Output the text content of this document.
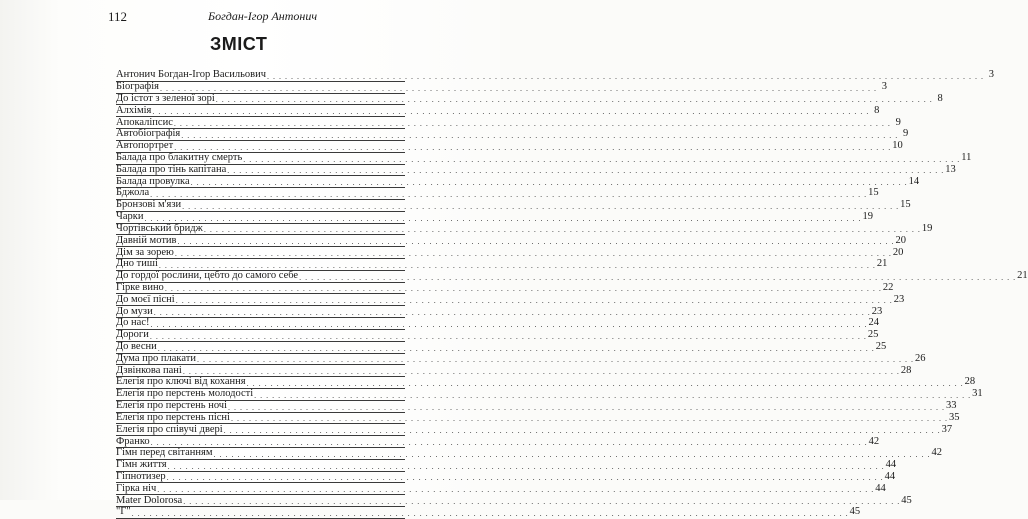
112	Богдан-Ігор Антонич
ЗМІСТ
Антонич Богдан-Ігор Васильович . . . . . . . . . . . . . . . . . . . . . . . . . . . . . . . . . . . . . . . . . . . . . . . . . . . . . . . . . . . . . . . . . . . . . . . . . . . . . . . . . . . . . . . . . . . . . . . . . . . . . . . . . . . . . . . . . . . . . . . . 3
Біографія . . . . . . . . . . . . . . . . . . . . . . . . . . . . . . . . . . . . . . . . . . . . . . . . . . . . . . . . . . . . . . . . . . . . . . . . . . . . . . . . . . . . . . . . . . . . . . . . . . . . . . . . . . . . . . . . . . . . . . . . 3
До істот з зеленої зорі . . . . . . . . . . . . . . . . . . . . . . . . . . . . . . . . . . . . . . . . . . . . . . . . . . . . . . . . . . . . . . . . . . . . . . . . . . . . . . . . . . . . . . . . . . . . . . . . . . . . . . . . . . . . . . . . . . . . . . . . 8
Алхімія . . . . . . . . . . . . . . . . . . . . . . . . . . . . . . . . . . . . . . . . . . . . . . . . . . . . . . . . . . . . . . . . . . . . . . . . . . . . . . . . . . . . . . . . . . . . . . . . . . . . . . . . . . . . . . . . . . . . . . . . 8
Апокаліпсис . . . . . . . . . . . . . . . . . . . . . . . . . . . . . . . . . . . . . . . . . . . . . . . . . . . . . . . . . . . . . . . . . . . . . . . . . . . . . . . . . . . . . . . . . . . . . . . . . . . . . . . . . . . . . . . . . . . . . . . . 9
Автобіографія . . . . . . . . . . . . . . . . . . . . . . . . . . . . . . . . . . . . . . . . . . . . . . . . . . . . . . . . . . . . . . . . . . . . . . . . . . . . . . . . . . . . . . . . . . . . . . . . . . . . . . . . . . . . . . . . . . . . . . . . 9
Автопортрет . . . . . . . . . . . . . . . . . . . . . . . . . . . . . . . . . . . . . . . . . . . . . . . . . . . . . . . . . . . . . . . . . . . . . . . . . . . . . . . . . . . . . . . . . . . . . . . . . . . . . . . . . . . . . . . . . . . . . . . . 10
Балада про блакитну смерть . . . . . . . . . . . . . . . . . . . . . . . . . . . . . . . . . . . . . . . . . . . . . . . . . . . . . . . . . . . . . . . . . . . . . . . . . . . . . . . . . . . . . . . . . . . . . . . . . . . . . . . . . . . . . . . . . . . . . . . . 11
Балада про тінь капітана . . . . . . . . . . . . . . . . . . . . . . . . . . . . . . . . . . . . . . . . . . . . . . . . . . . . . . . . . . . . . . . . . . . . . . . . . . . . . . . . . . . . . . . . . . . . . . . . . . . . . . . . . . . . . . . . . . . . . . . . 13
Балада провулка . . . . . . . . . . . . . . . . . . . . . . . . . . . . . . . . . . . . . . . . . . . . . . . . . . . . . . . . . . . . . . . . . . . . . . . . . . . . . . . . . . . . . . . . . . . . . . . . . . . . . . . . . . . . . . . . . . . . . . . . 14
Бджола . . . . . . . . . . . . . . . . . . . . . . . . . . . . . . . . . . . . . . . . . . . . . . . . . . . . . . . . . . . . . . . . . . . . . . . . . . . . . . . . . . . . . . . . . . . . . . . . . . . . . . . . . . . . . . . . . . . . . . . . 15
Бронзові м'язи . . . . . . . . . . . . . . . . . . . . . . . . . . . . . . . . . . . . . . . . . . . . . . . . . . . . . . . . . . . . . . . . . . . . . . . . . . . . . . . . . . . . . . . . . . . . . . . . . . . . . . . . . . . . . . . . . . . . . . . . 15
Чарки . . . . . . . . . . . . . . . . . . . . . . . . . . . . . . . . . . . . . . . . . . . . . . . . . . . . . . . . . . . . . . . . . . . . . . . . . . . . . . . . . . . . . . . . . . . . . . . . . . . . . . . . . . . . . . . . . . . . . . . . 19
Чортівський бридж . . . . . . . . . . . . . . . . . . . . . . . . . . . . . . . . . . . . . . . . . . . . . . . . . . . . . . . . . . . . . . . . . . . . . . . . . . . . . . . . . . . . . . . . . . . . . . . . . . . . . . . . . . . . . . . . . . . . . . . . 19
Давній мотив . . . . . . . . . . . . . . . . . . . . . . . . . . . . . . . . . . . . . . . . . . . . . . . . . . . . . . . . . . . . . . . . . . . . . . . . . . . . . . . . . . . . . . . . . . . . . . . . . . . . . . . . . . . . . . . . . . . . . . . . 20
Дім за зорею . . . . . . . . . . . . . . . . . . . . . . . . . . . . . . . . . . . . . . . . . . . . . . . . . . . . . . . . . . . . . . . . . . . . . . . . . . . . . . . . . . . . . . . . . . . . . . . . . . . . . . . . . . . . . . . . . . . . . . . . 20
Дно тиші . . . . . . . . . . . . . . . . . . . . . . . . . . . . . . . . . . . . . . . . . . . . . . . . . . . . . . . . . . . . . . . . . . . . . . . . . . . . . . . . . . . . . . . . . . . . . . . . . . . . . . . . . . . . . . . . . . . . . . . . 21
До гордої рослини, цебто до самого себе . . . . . . . . . . . . . . . . . . . . . . . . . . . . . . . . . . . . . . . . . . . . . . . . . . . . . . . . . . . . . . . . . . . . . . . . . . . . . . . . . . . . . . . . . . . . . . . . . . . . . . . . . . . . . . . . . . . . . . . . 21
Гірке вино . . . . . . . . . . . . . . . . . . . . . . . . . . . . . . . . . . . . . . . . . . . . . . . . . . . . . . . . . . . . . . . . . . . . . . . . . . . . . . . . . . . . . . . . . . . . . . . . . . . . . . . . . . . . . . . . . . . . . . . . 22
До моєї пісні . . . . . . . . . . . . . . . . . . . . . . . . . . . . . . . . . . . . . . . . . . . . . . . . . . . . . . . . . . . . . . . . . . . . . . . . . . . . . . . . . . . . . . . . . . . . . . . . . . . . . . . . . . . . . . . . . . . . . . . . 23
До музи . . . . . . . . . . . . . . . . . . . . . . . . . . . . . . . . . . . . . . . . . . . . . . . . . . . . . . . . . . . . . . . . . . . . . . . . . . . . . . . . . . . . . . . . . . . . . . . . . . . . . . . . . . . . . . . . . . . . . . . . 23
До нас! . . . . . . . . . . . . . . . . . . . . . . . . . . . . . . . . . . . . . . . . . . . . . . . . . . . . . . . . . . . . . . . . . . . . . . . . . . . . . . . . . . . . . . . . . . . . . . . . . . . . . . . . . . . . . . . . . . . . . . . . 24
Дороги . . . . . . . . . . . . . . . . . . . . . . . . . . . . . . . . . . . . . . . . . . . . . . . . . . . . . . . . . . . . . . . . . . . . . . . . . . . . . . . . . . . . . . . . . . . . . . . . . . . . . . . . . . . . . . . . . . . . . . . . 25
До весни . . . . . . . . . . . . . . . . . . . . . . . . . . . . . . . . . . . . . . . . . . . . . . . . . . . . . . . . . . . . . . . . . . . . . . . . . . . . . . . . . . . . . . . . . . . . . . . . . . . . . . . . . . . . . . . . . . . . . . . . 25
Дума про плакати . . . . . . . . . . . . . . . . . . . . . . . . . . . . . . . . . . . . . . . . . . . . . . . . . . . . . . . . . . . . . . . . . . . . . . . . . . . . . . . . . . . . . . . . . . . . . . . . . . . . . . . . . . . . . . . . . . . . . . . . 26
Дзвінкова пані . . . . . . . . . . . . . . . . . . . . . . . . . . . . . . . . . . . . . . . . . . . . . . . . . . . . . . . . . . . . . . . . . . . . . . . . . . . . . . . . . . . . . . . . . . . . . . . . . . . . . . . . . . . . . . . . . . . . . . . . 28
Елегія про ключі від кохання . . . . . . . . . . . . . . . . . . . . . . . . . . . . . . . . . . . . . . . . . . . . . . . . . . . . . . . . . . . . . . . . . . . . . . . . . . . . . . . . . . . . . . . . . . . . . . . . . . . . . . . . . . . . . . . . . . . . . . . . 28
Елегія про перстень молодості . . . . . . . . . . . . . . . . . . . . . . . . . . . . . . . . . . . . . . . . . . . . . . . . . . . . . . . . . . . . . . . . . . . . . . . . . . . . . . . . . . . . . . . . . . . . . . . . . . . . . . . . . . . . . . . . . . . . . . . . 31
Елегія про перстень ночі . . . . . . . . . . . . . . . . . . . . . . . . . . . . . . . . . . . . . . . . . . . . . . . . . . . . . . . . . . . . . . . . . . . . . . . . . . . . . . . . . . . . . . . . . . . . . . . . . . . . . . . . . . . . . . . . . . . . . . . . 33
Елегія про перстень пісні . . . . . . . . . . . . . . . . . . . . . . . . . . . . . . . . . . . . . . . . . . . . . . . . . . . . . . . . . . . . . . . . . . . . . . . . . . . . . . . . . . . . . . . . . . . . . . . . . . . . . . . . . . . . . . . . . . . . . . . . 35
Елегія про співучі двері . . . . . . . . . . . . . . . . . . . . . . . . . . . . . . . . . . . . . . . . . . . . . . . . . . . . . . . . . . . . . . . . . . . . . . . . . . . . . . . . . . . . . . . . . . . . . . . . . . . . . . . . . . . . . . . . . . . . . . . . 37
Франко . . . . . . . . . . . . . . . . . . . . . . . . . . . . . . . . . . . . . . . . . . . . . . . . . . . . . . . . . . . . . . . . . . . . . . . . . . . . . . . . . . . . . . . . . . . . . . . . . . . . . . . . . . . . . . . . . . . . . . . . 42
Гімн перед світанням . . . . . . . . . . . . . . . . . . . . . . . . . . . . . . . . . . . . . . . . . . . . . . . . . . . . . . . . . . . . . . . . . . . . . . . . . . . . . . . . . . . . . . . . . . . . . . . . . . . . . . . . . . . . . . . . . . . . . . . . 42
Гімн життя . . . . . . . . . . . . . . . . . . . . . . . . . . . . . . . . . . . . . . . . . . . . . . . . . . . . . . . . . . . . . . . . . . . . . . . . . . . . . . . . . . . . . . . . . . . . . . . . . . . . . . . . . . . . . . . . . . . . . . . . 44
Гіпнотизер . . . . . . . . . . . . . . . . . . . . . . . . . . . . . . . . . . . . . . . . . . . . . . . . . . . . . . . . . . . . . . . . . . . . . . . . . . . . . . . . . . . . . . . . . . . . . . . . . . . . . . . . . . . . . . . . . . . . . . . . 44
Гірка ніч . . . . . . . . . . . . . . . . . . . . . . . . . . . . . . . . . . . . . . . . . . . . . . . . . . . . . . . . . . . . . . . . . . . . . . . . . . . . . . . . . . . . . . . . . . . . . . . . . . . . . . . . . . . . . . . . . . . . . . . . 44
Mater Dolorosa . . . . . . . . . . . . . . . . . . . . . . . . . . . . . . . . . . . . . . . . . . . . . . . . . . . . . . . . . . . . . . . . . . . . . . . . . . . . . . . . . . . . . . . . . . . . . . . . . . . . . . . . . . . . . . . . . . . . . . . . 45
"Г" . . . . . . . . . . . . . . . . . . . . . . . . . . . . . . . . . . . . . . . . . . . . . . . . . . . . . . . . . . . . . . . . . . . . . . . . . . . . . . . . . . . . . . . . . . . . . . . . . . . . . . . . . . . . . . . . . . . . . . . . 45
